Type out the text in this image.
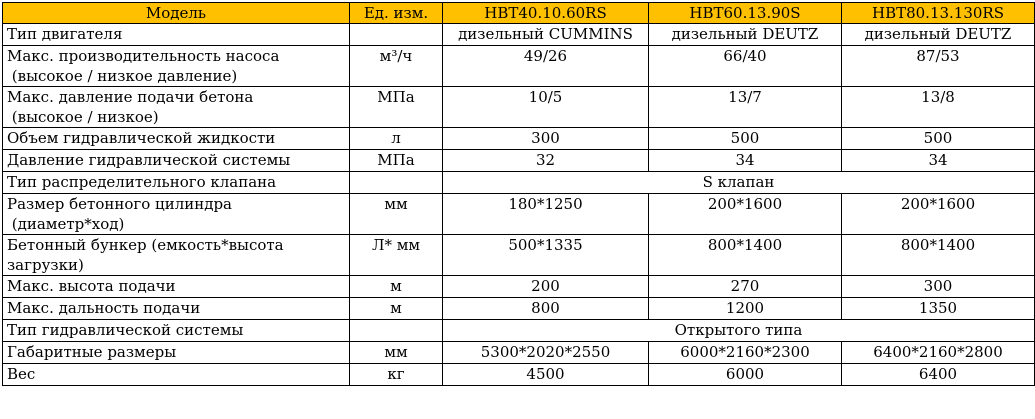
Модель	Ед. изм.	HBT40.10.60RS	HBT60.13.90S	HBT80.13.130RS
Тип двигателя		дизельный CUMMINS	дизельный DEUTZ	дизельный DEUTZ
Макс. производительность насоса
(высокое / низкое давление)	м³/ч	49/26	66/40	87/53
Макс. давление подачи бетона
(высокое / низкое)	МПа	10/5	13/7	13/8
Объем гидравлической жидкости	л	300	500	500
Давление гидравлической системы	МПа	32	34	34
Тип распределительного клапана		S клапан		
Размер бетонного цилиндра
(диаметр*ход)	мм	180*1250	200*1600	200*1600
Бетонный бункер (емкость*высота
загрузки)	Л* мм	500*1335	800*1400	800*1400
Макс. высота подачи	м	200	270	300
Макс. дальность подачи	м	800	1200	1350
Тип гидравлической системы		Открытого типа		
Габаритные размеры	мм	5300*2020*2550	6000*2160*2300	6400*2160*2800
Вес	кг	4500	6000	6400
